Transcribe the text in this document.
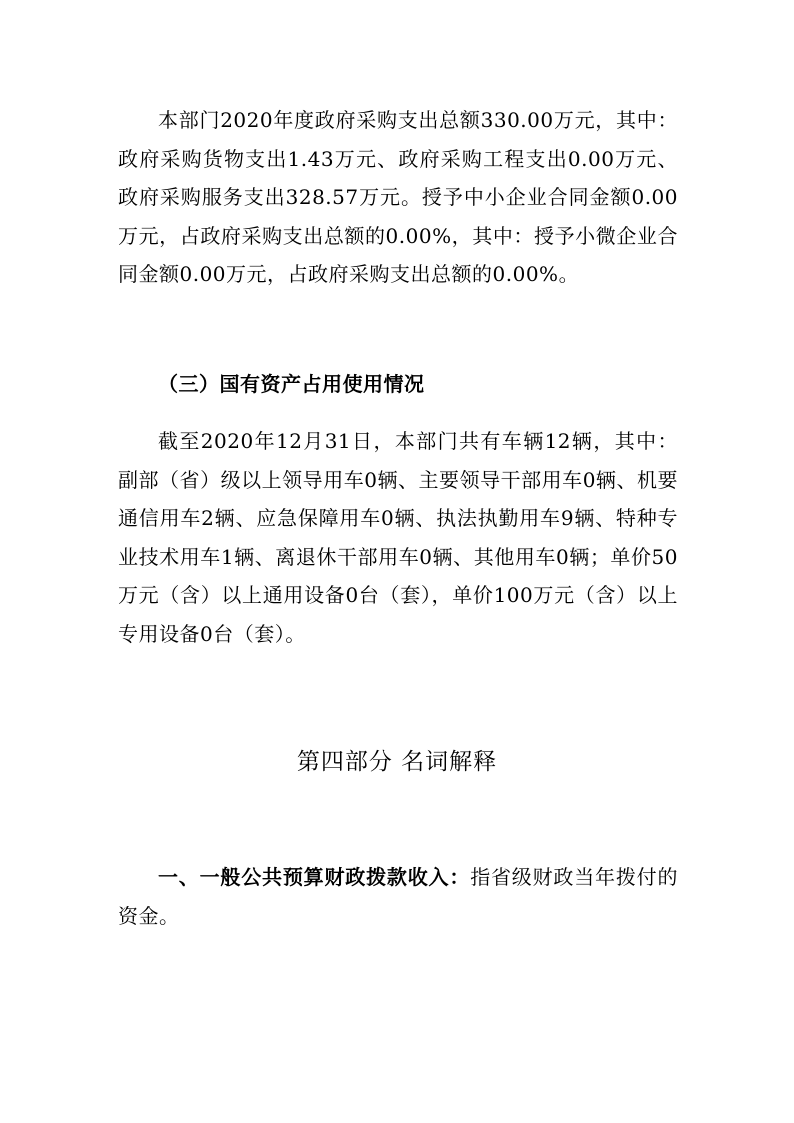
本部门2020年度政府采购支出总额330.00万元，其中：政府采购货物支出1.43万元、政府采购工程支出0.00万元、政府采购服务支出328.57万元。授予中小企业合同金额0.00万元，占政府采购支出总额的0.00%，其中：授予小微企业合同金额0.00万元，占政府采购支出总额的0.00%。

（三）国有资产占用使用情况

截至2020年12月31日，本部门共有车辆12辆，其中：副部（省）级以上领导用车0辆、主要领导干部用车0辆、机要通信用车2辆、应急保障用车0辆、执法执勤用车9辆、特种专业技术用车1辆、离退休干部用车0辆、其他用车0辆；单价50万元（含）以上通用设备0台（套），单价100万元（含）以上专用设备0台（套）。

第四部分 名词解释

一、一般公共预算财政拨款收入：指省级财政当年拨付的资金。
